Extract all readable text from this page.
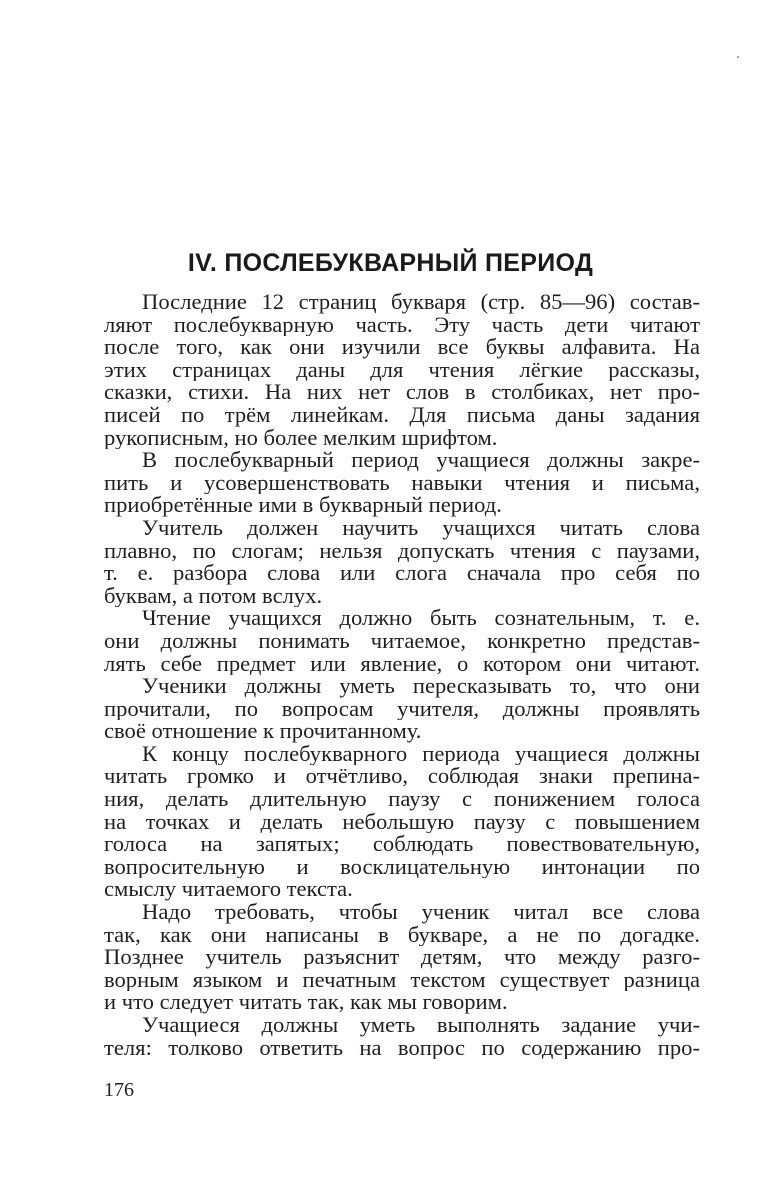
IV. ПОСЛЕБУКВАРНЫЙ ПЕРИОД
Последние 12 страниц букваря (стр. 85—96) состав-
ляют послебукварную часть. Эту часть дети читают
после того, как они изучили все буквы алфавита. На
этих страницах даны для чтения лёгкие рассказы,
сказки, стихи. На них нет слов в столбиках, нет про-
писей по трём линейкам. Для письма даны задания
рукописным, но более мелким шрифтом.
В послебукварный период учащиеся должны закре-
пить и усовершенствовать навыки чтения и письма,
приобретённые ими в букварный период.
Учитель должен научить учащихся читать слова
плавно, по слогам; нельзя допускать чтения с паузами,
т. е. разбора слова или слога сначала про себя по
буквам, а потом вслух.
Чтение учащихся должно быть сознательным, т. е.
они должны понимать читаемое, конкретно представ-
лять себе предмет или явление, о котором они читают.
Ученики должны уметь пересказывать то, что они
прочитали, по вопросам учителя, должны проявлять
своё отношение к прочитанному.
К концу послебукварного периода учащиеся должны
читать громко и отчётливо, соблюдая знаки препина-
ния, делать длительную паузу с понижением голоса
на точках и делать небольшую паузу с повышением
голоса на запятых; соблюдать повествовательную,
вопросительную и восклицательную интонации по
смыслу читаемого текста.
Надо требовать, чтобы ученик читал все слова
так, как они написаны в букваре, а не по догадке.
Позднее учитель разъяснит детям, что между разго-
ворным языком и печатным текстом существует разница
и что следует читать так, как мы говорим.
Учащиеся должны уметь выполнять задание учи-
теля: толково ответить на вопрос по содержанию про-
176
